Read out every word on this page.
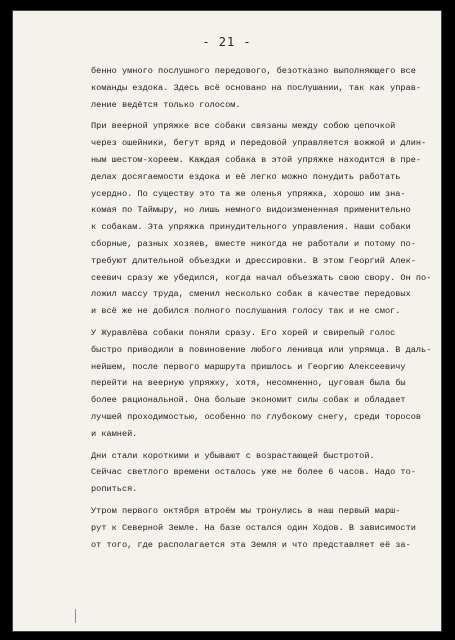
- 21 -
бенно умного послушного передового, безотказно выполняющего все
команды ездока. Здесь всё основано на послушании, так как управ-
ление ведётся только голосом.
При веерной упряжке все собаки связаны между собою цепочкой
через ошейники, бегут вряд и передовой управляется вожжой и длин-
ным шестом-хореем. Каждая собака в этой упряжке находится в пре-
делах досягаемости ездока и её легко можно понудить работать
усердно. По существу это та же оленья упряжка, хорошо им зна-
комая по Таймыру, но лишь немного видоизмененная применительно
к собакам. Эта упряжка принудительного управления. Наши собаки
сборные, разных хозяев, вместе никогда не работали и потому по-
требуют длительной объездки и дрессировки. В этом Георгий Алек-
сеевич сразу же убедился, когда начал объезжать свою свору. Он по-
ложил массу труда, сменил несколько собак в качестве передовых
и всё же не добился полного послушания голосу так и не смог.
У Журавлёва собаки поняли сразу. Его хорей и свирепый голос
быстро приводили в повиновение любого ленивца или упрямца. В даль-
нейшем, после первого маршрута пришлось и Георгию Алексеевичу
перейти на веерную упряжку, хотя, несомненно, цуговая была бы
более рациональной. Она больше экономит силы собак и обладает
лучшей проходимостью, особенно по глубокому снегу, среди торосов
и камней.
Дни стали короткими и убывают с возрастающей быстротой.
Сейчас светлого времени осталось уже не более 6 часов. Надо то-
ропиться.
Утром первого октября втроём мы тронулись в наш первый марш-
рут к Северной Земле. На базе остался один Ходов. В зависимости
от того, где располагается эта Земля и что представляет её за-
